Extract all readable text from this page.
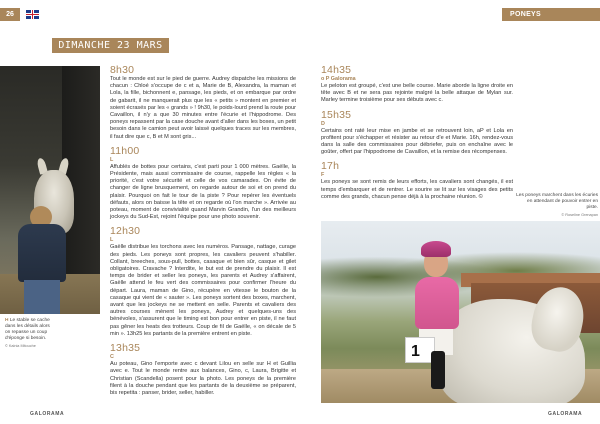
26
DIMANCHE 23 MARS
H Le stable se cache dans les détails alors on repasse un coup d'éponge si besoin.
© Kalnia Mitouche
8h30
Tout le monde est sur le pied de guerre. Audrey dispatche les missions de chacun : Chloé s'occupe de c et a, Marie de B, Alexandra, la maman et Lola, la fille, bichonnent e, pansage, les pieds, et on embarque par ordre de gabarit, il ne manquerait plus que les « petits » montent en premier et soient écrasés par les « grands » ! 9h30, le poids-lourd prend la route pour Cavaillon, il n'y a que 30 minutes entre l'écurie et l'hippodrome. Des poneys repassent par la case douche avant d'aller dans les boxes, un petit besoin dans le camion peut avoir laissé quelques traces sur les membres, il faut dire que c, B et M sont gris...
11h00
L
Affublés de bottes pour certains, c'est parti pour 1 000 mètres. Gaëlle, la Présidente, mais aussi commissaire de course, rappelle les règles « la priorité, c'est votre sécurité et celle de vos camarades. On évite de changer de ligne brusquement, on regarde autour de soi et on prend du plaisir. Pourquoi on fait le tour de la piste ? Pour repérer les éventuels défauts, alors on baisse la tête et on regarde où l'on marche ». Arrivée au poteau, moment de convivialité quand Marvin Grandin, l'un des meilleurs jockeys du Sud-Est, rejoint l'équipe pour une photo souvenir.
12h30
L
Gaëlle distribue les torchons avec les numéros. Pansage, nattage, curage des pieds. Les poneys sont propres, les cavaliers peuvent s'habiller. Collant, breeches, sous-pull, bottes, casaque et bien sûr, casque et gilet obligatoires. Cravache ? Interdite, le but est de prendre du plaisir. Il est temps de brider et seller les poneys, les parents et Audrey s'affairent, Gaëlle attend le feu vert des commissaires pour confirmer l'heure du départ. Laura, maman de Gino, récupère en vitesse le bouton de la casaque qui vient de « sauter ». Les poneys sortent des boxes, marchent, avant que les jockeys ne se mettent en selle. Parents et cavaliers des autres courses mènent les poneys, Audrey et quelques-uns des bénévoles, s'assurent que le timing est bon pour entrer en piste, il ne faut pas gêner les heats des trotteurs. Coup de fil de Gaëlle, « on décale de 5 min ». 13h25 les partants de la première entrent en piste.
13h35
C
Au poteau, Gino l'emporte avec c devant Lilou en selle sur H et Guillia avec e. Tout le monde rentre aux balances, Gino, c, Laura, Brigitte et Christian (Scandella) posent pour la photo. Les poneys de la première filent à la douche pendant que les partants de la deuxième se préparent, bis repetita : panser, brider, seller, habiller.
GALORAMA
PONEYS
14h35
o P Galorama
Le peloton est groupé, c'est une belle course. Marie aborde la ligne droite en tête avec B et ne sera pas rejointe malgré la belle attaque de Mylan sur. Marley termine troisième pour ses débuts avec c.
15h35
D
Certains ont raté leur mise en jambe et se retrouvent loin, aP et Lola en profitent pour s'échapper et résister au retour d'e et Marie. 16h, rendez-vous dans la salle des commissaires pour débriefer, puis on enchaîne avec le goûter, offert par l'hippodrome de Cavaillon, et la remise des récompenses.
17h
F
Les poneys se sont remis de leurs efforts, les cavaliers sont changés, il est temps d'embarquer et de rentrer. Le sourire se lit sur les visages des petits comme des grands, chacun pense déjà à la prochaine réunion. ©	Les poneys marchent dans les écuries en attendant de pouvoir entrer en piste.
© Roseline Grenapan
1
GALORAMA
